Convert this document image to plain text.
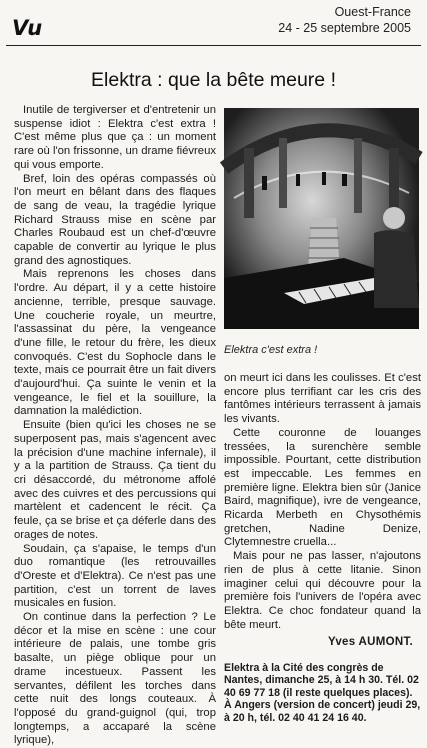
Vu
Ouest-France
24 - 25 septembre 2005
Elektra : que la bête meure !

Inutile de tergiverser et d'entretenir un suspense idiot : Elektra c'est extra ! C'est même plus que ça : un moment rare où l'on frissonne, un drame fiévreux qui vous emporte.

Bref, loin des opéras compassés où l'on meurt en bêlant dans des flaques de sang de veau, la tragédie lyrique Richard Strauss mise en scène par Charles Roubaud est un chef-d'œuvre capable de convertir au lyrique le plus grand des agnostiques.

Mais reprenons les choses dans l'ordre. Au départ, il y a cette histoire ancienne, terrible, presque sauvage. Une coucherie royale, un meurtre, l'assassinat du père, la vengeance d'une fille, le retour du frère, les dieux convoqués. C'est du Sophocle dans le texte, mais ce pourrait être un fait divers d'aujourd'hui. Ça suinte le venin et la vengeance, le fiel et la souillure, la damnation la malédiction.

Ensuite (bien qu'ici les choses ne se superposent pas, mais s'agencent avec la précision d'une machine infernale), il y a la partition de Strauss. Ça tient du cri désaccordé, du métronome affolé avec des cuivres et des percussions qui martèlent et cadencent le récit. Ça feule, ça se brise et ça déferle dans des orages de notes.

Soudain, ça s'apaise, le temps d'un duo romantique (les retrouvailles d'Oreste et d'Elektra). Ce n'est pas une partition, c'est un torrent de laves musicales en fusion.

On continue dans la perfection ? Le décor et la mise en scène : une cour intérieure de palais, une tombe gris basalte, un piège oblique pour un drame incestueux. Passent les servantes, défilent les torches dans cette nuit des longs couteaux. À l'opposé du grand-guignol (qui, trop longtemps, a accaparé la scène lyrique),

Elektra c'est extra !

on meurt ici dans les coulisses. Et c'est encore plus terrifiant car les cris des fantômes intérieurs terrassent à jamais les vivants.

Cette couronne de louanges tressées, la surenchère semble impossible. Pourtant, cette distribution est impeccable. Les femmes en première ligne. Elektra bien sûr (Janice Baird, magnifique), ivre de vengeance, Ricarda Merbeth en Chysothémis gretchen, Nadine Denize, Clytemnestre cruella...

Mais pour ne pas lasser, n'ajoutons rien de plus à cette litanie. Sinon imaginer celui qui découvre pour la première fois l'univers de l'opéra avec Elektra. Ce choc fondateur quand la bête meurt.

Yves AUMONT.
Elektra à la Cité des congrès de Nantes, dimanche 25, à 14 h 30. Tél. 02 40 69 77 18 (il reste quelques places). À Angers (version de concert) jeudi 29, à 20 h, tél. 02 40 41 24 16 40.
